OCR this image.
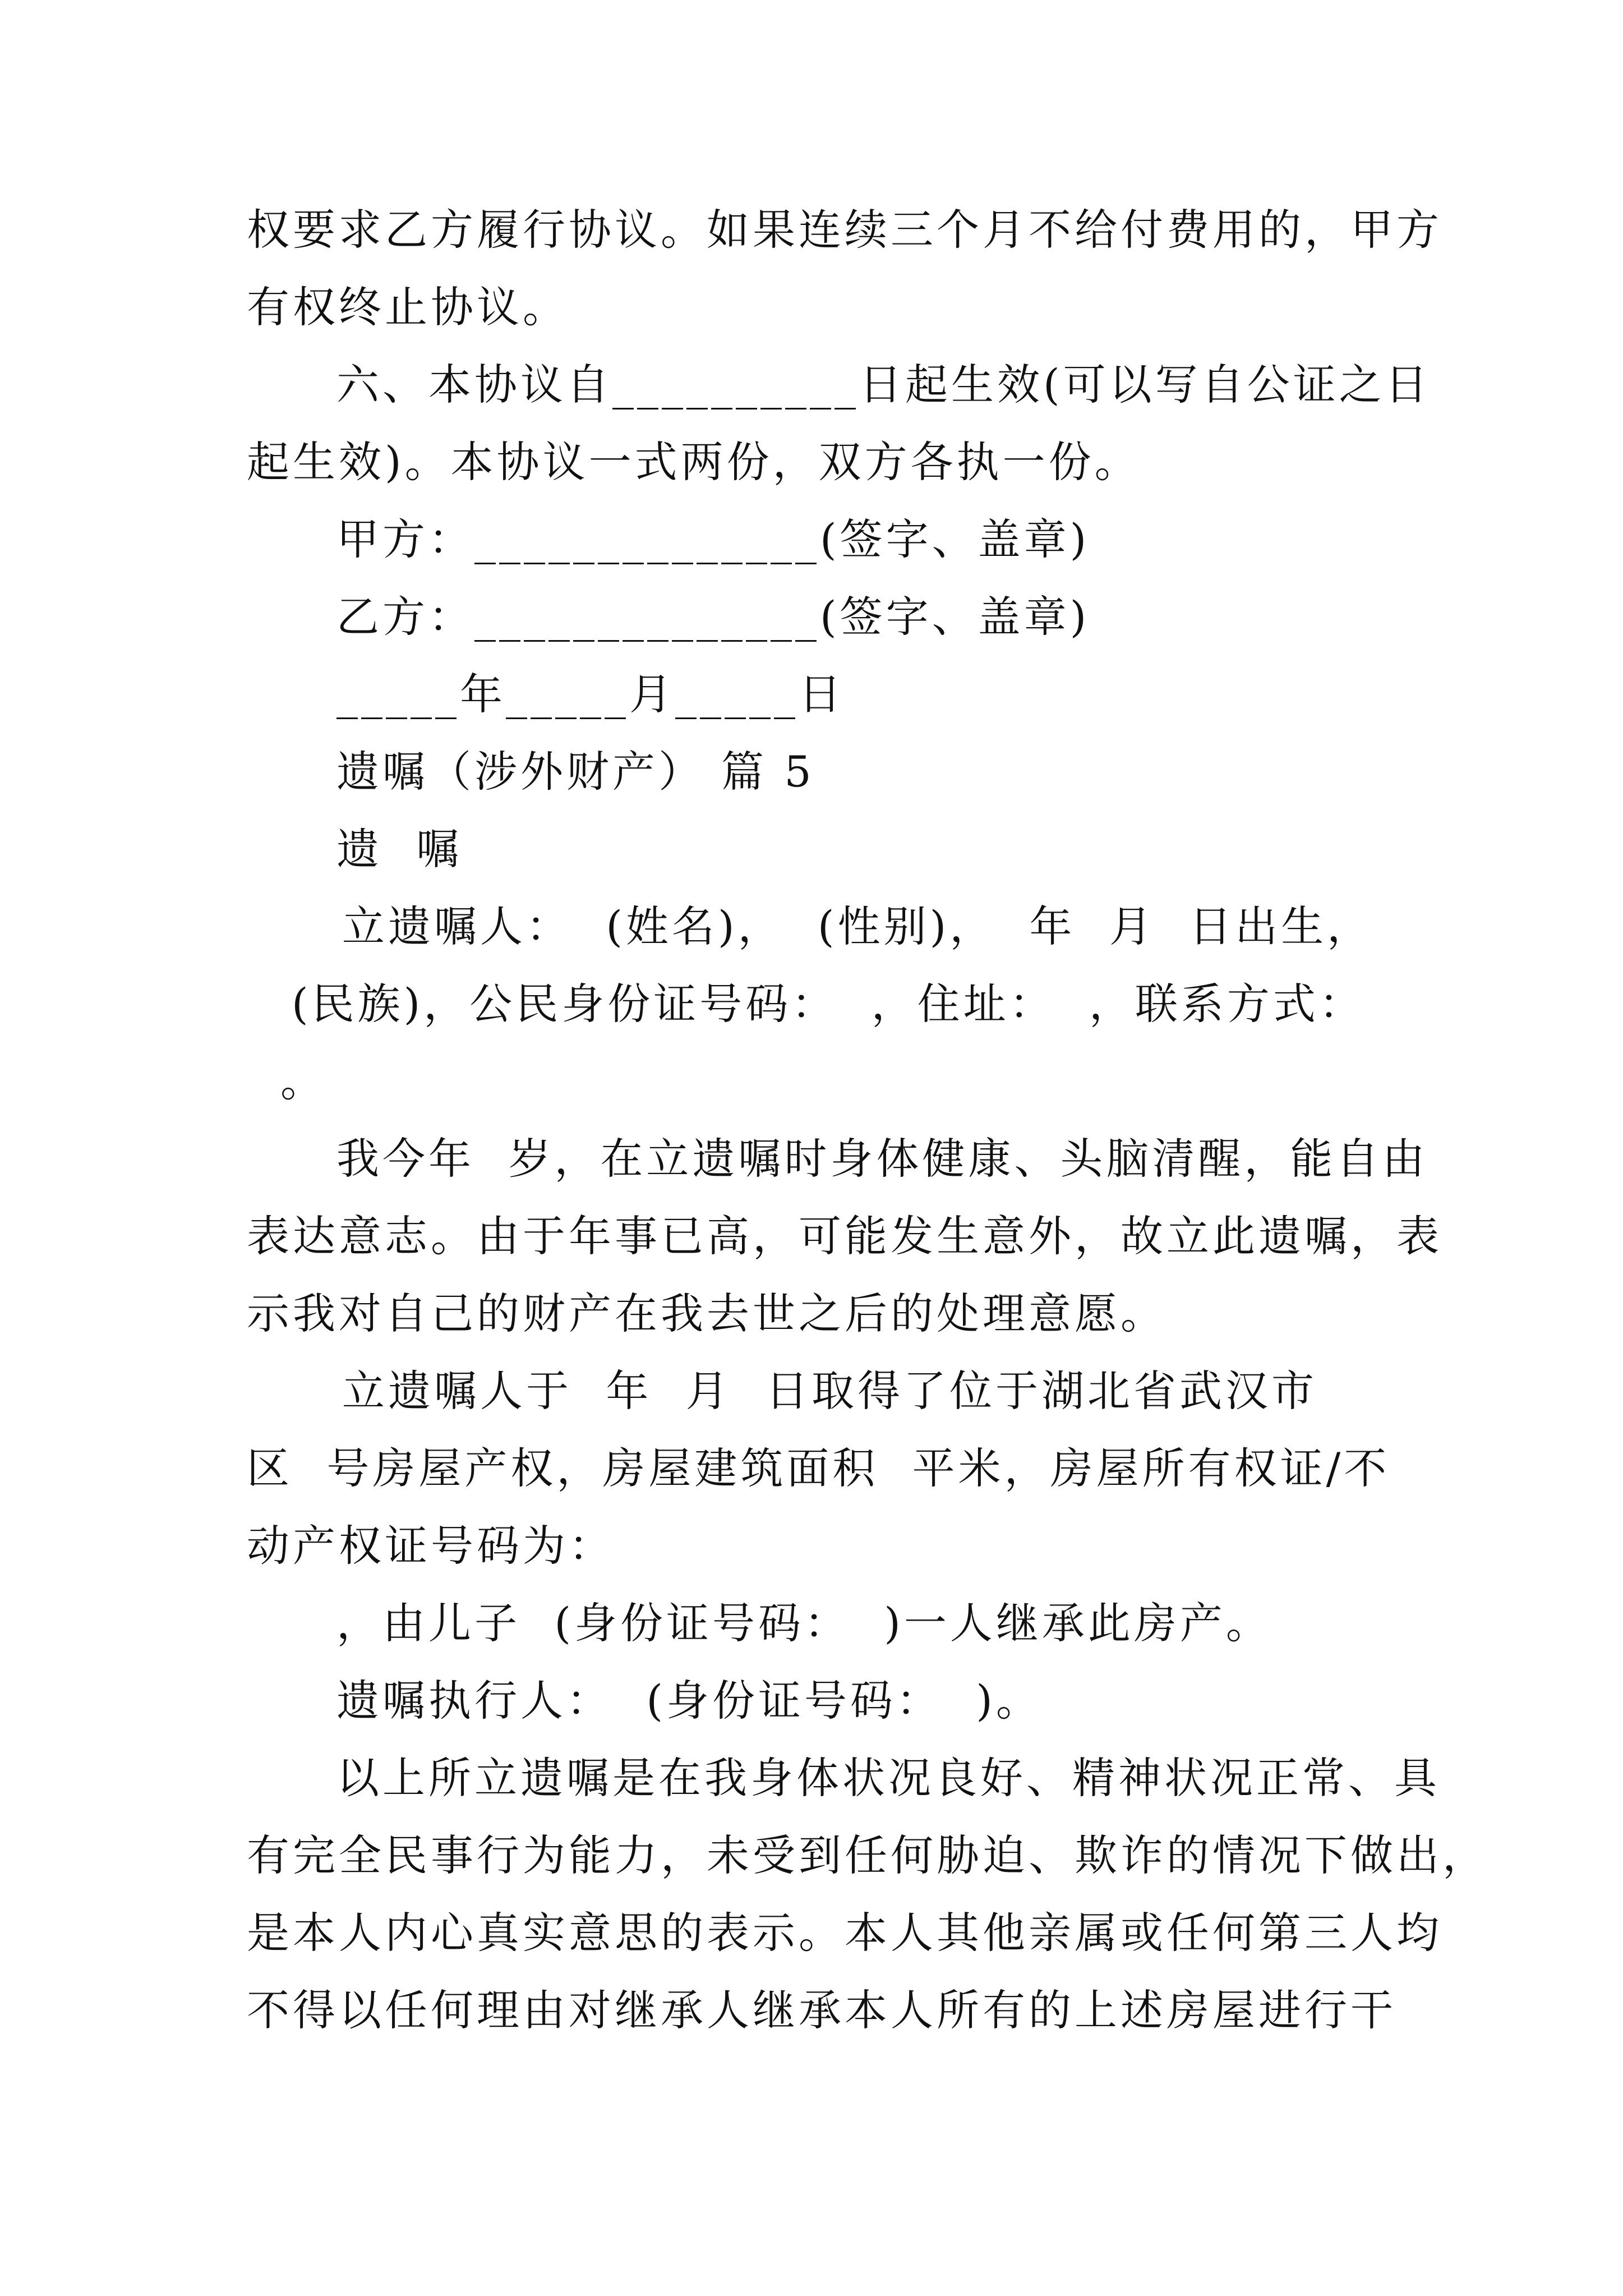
权要求乙方履行协议。如果连续三个月不给付费用的，甲方
有权终止协议。
六、本协议自__________日起生效(可以写自公证之日
起生效)。本协议一式两份，双方各执一份。
甲方：______________(签字、盖章)
乙方：______________(签字、盖章)
_____年_____月_____日
遗嘱（涉外财产） 篇 5
遗  嘱
立遗嘱人：  (姓名)，  (性别)，  年  月  日出生，
(民族)，公民身份证号码：  ，住址：  ，联系方式：
。
我今年  岁，在立遗嘱时身体健康、头脑清醒，能自由
表达意志。由于年事已高，可能发生意外，故立此遗嘱，表
示我对自己的财产在我去世之后的处理意愿。
立遗嘱人于  年  月  日取得了位于湖北省武汉市
区  号房屋产权，房屋建筑面积  平米，房屋所有权证/不
动产权证号码为：
，由儿子  (身份证号码：  )一人继承此房产。
遗嘱执行人：  (身份证号码：  )。
以上所立遗嘱是在我身体状况良好、精神状况正常、具
有完全民事行为能力，未受到任何胁迫、欺诈的情况下做出，
是本人内心真实意思的表示。本人其他亲属或任何第三人均
不得以任何理由对继承人继承本人所有的上述房屋进行干
